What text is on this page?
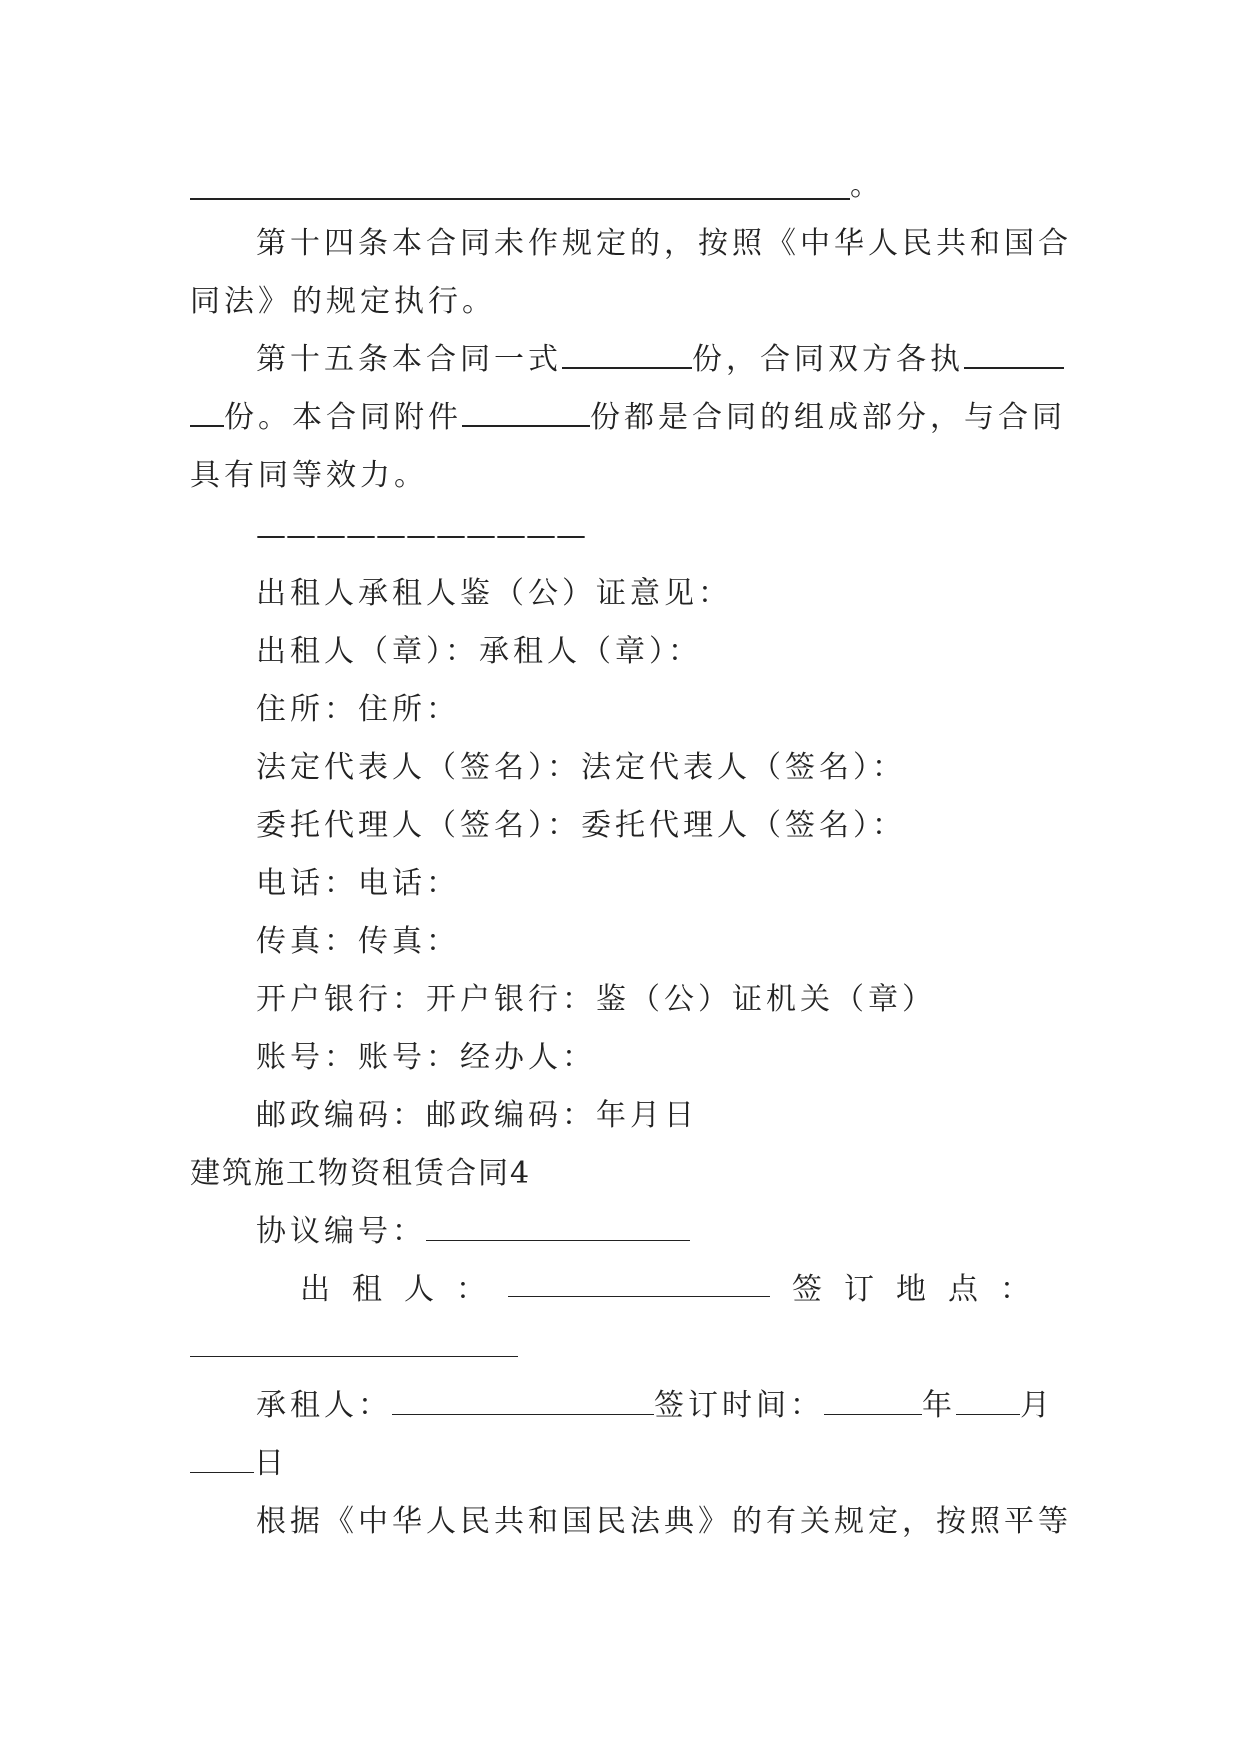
。

第十四条本合同未作规定的，按照《中华人民共和国合

同法》的规定执行。

第十五条本合同一式	份，合同双方各执

份。本合同附件	份都是合同的组成部分，与合同

具有同等效力。

———————————

出租人承租人鉴（公）证意见：

出租人（章）：承租人（章）：

住所：住所：

法定代表人（签名）：法定代表人（签名）：

委托代理人（签名）：委托代理人（签名）：

电话：电话：

传真：传真：

开户银行：开户银行：鉴（公）证机关（章）

账号：账号：经办人：

邮政编码：邮政编码：年月日

建筑施工物资租赁合同4

协议编号：

出 租 人 ：	签 订 地 点 ：

承租人：	签订时间：	年 月

日

根据《中华人民共和国民法典》的有关规定，按照平等
